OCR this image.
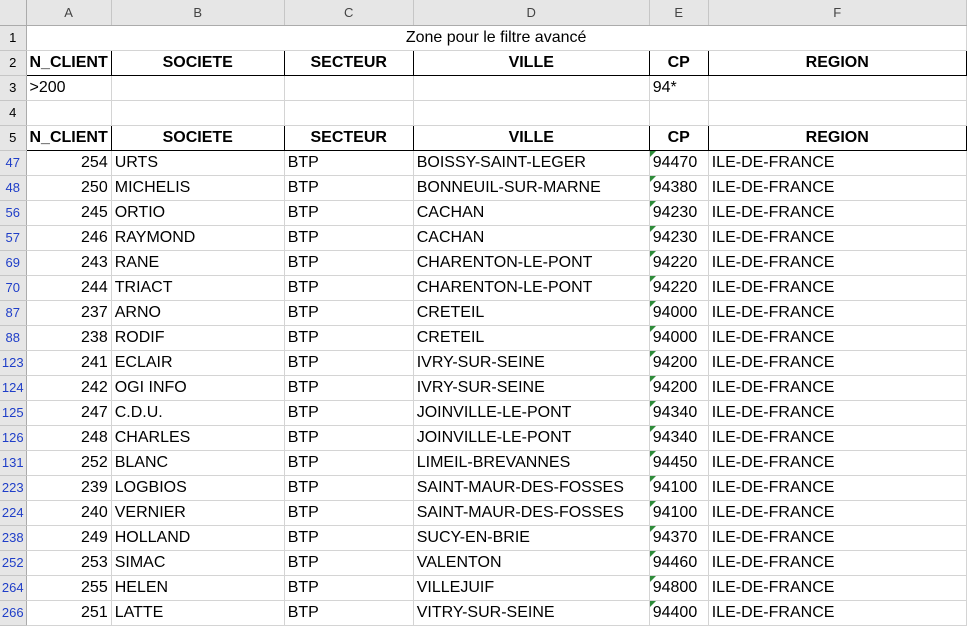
	A	B	C	D	E	F
1	Zone pour le filtre avancé					
2	N_CLIENT	SOCIETE	SECTEUR	VILLE	CP	REGION
3	>200				94*	
4						
5	N_CLIENT	SOCIETE	SECTEUR	VILLE	CP	REGION
47	254	URTS	BTP	BOISSY-SAINT-LEGER	94470	ILE-DE-FRANCE
48	250	MICHELIS	BTP	BONNEUIL-SUR-MARNE	94380	ILE-DE-FRANCE
56	245	ORTIO	BTP	CACHAN	94230	ILE-DE-FRANCE
57	246	RAYMOND	BTP	CACHAN	94230	ILE-DE-FRANCE
69	243	RANE	BTP	CHARENTON-LE-PONT	94220	ILE-DE-FRANCE
70	244	TRIACT	BTP	CHARENTON-LE-PONT	94220	ILE-DE-FRANCE
87	237	ARNO	BTP	CRETEIL	94000	ILE-DE-FRANCE
88	238	RODIF	BTP	CRETEIL	94000	ILE-DE-FRANCE
123	241	ECLAIR	BTP	IVRY-SUR-SEINE	94200	ILE-DE-FRANCE
124	242	OGI INFO	BTP	IVRY-SUR-SEINE	94200	ILE-DE-FRANCE
125	247	C.D.U.	BTP	JOINVILLE-LE-PONT	94340	ILE-DE-FRANCE
126	248	CHARLES	BTP	JOINVILLE-LE-PONT	94340	ILE-DE-FRANCE
131	252	BLANC	BTP	LIMEIL-BREVANNES	94450	ILE-DE-FRANCE
223	239	LOGBIOS	BTP	SAINT-MAUR-DES-FOSSES	94100	ILE-DE-FRANCE
224	240	VERNIER	BTP	SAINT-MAUR-DES-FOSSES	94100	ILE-DE-FRANCE
238	249	HOLLAND	BTP	SUCY-EN-BRIE	94370	ILE-DE-FRANCE
252	253	SIMAC	BTP	VALENTON	94460	ILE-DE-FRANCE
264	255	HELEN	BTP	VILLEJUIF	94800	ILE-DE-FRANCE
266	251	LATTE	BTP	VITRY-SUR-SEINE	94400	ILE-DE-FRANCE
